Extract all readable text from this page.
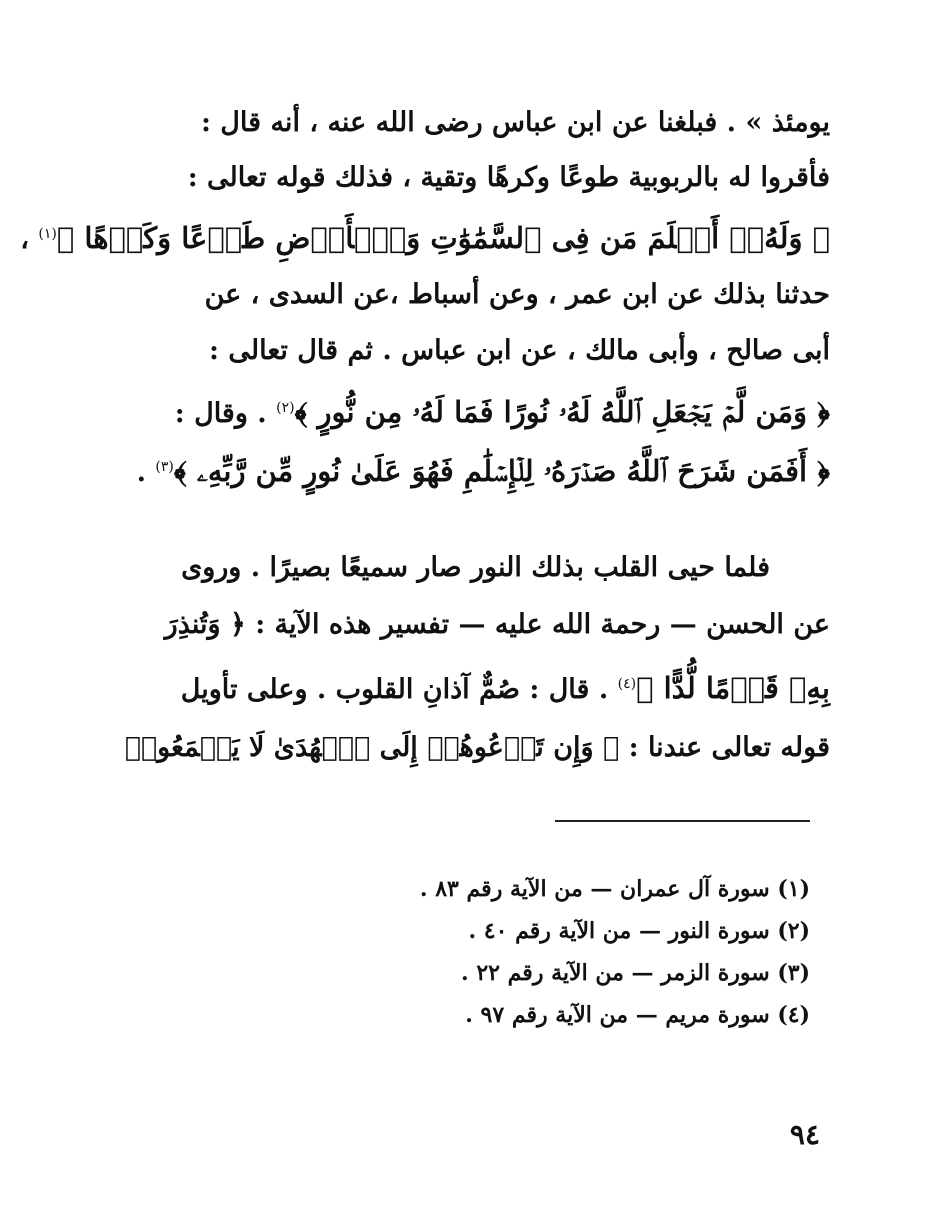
يومئذ » . فبلغنا عن ابن عباس رضى الله عنه ، أنه قال :
فأقروا له بالربوبية طوعًا وكرهًا وتقية ، فذلك قوله تعالى :
﴿ وَلَهُۥٓ أَسۡلَمَ مَن فِى ٱلسَّمَٰوَٰتِ وَٱلۡأَرۡضِ طَوۡعًا وَكَرۡهًا ﴾$^{(١)}$ ،
حدثنا بذلك عن ابن عمر ، وعن أسباط ،عن السدى ، عن
أبى صالح ، وأبى مالك ، عن ابن عباس . ثم قال تعالى :
﴿ وَمَن لَّمۡ يَجۡعَلِ ٱللَّهُ لَهُۥ نُورًا فَمَا لَهُۥ مِن نُّورٍ ﴾$^{(٢)}$ . وقال :
﴿ أَفَمَن شَرَحَ ٱللَّهُ صَدۡرَهُۥ لِلۡإِسۡلَٰمِ فَهُوَ عَلَىٰ نُورٍ مِّن رَّبِّهِۦ ﴾$^{(٣)}$ .
فلما حيى القلب بذلك النور صار سميعًا بصيرًا . وروى
عن الحسن — رحمة الله عليه — تفسير هذه الآية : ﴿ وَتُنذِرَ
بِهِۦ قَوۡمًا لُّدًّا ﴾$^{(٤)}$ . قال : صُمٌّ آذانِ القلوب . وعلى تأويل
قوله تعالى عندنا : ﴿ وَإِن تَدۡعُوهُمۡ إِلَى ٱلۡهُدَىٰ لَا يَسۡمَعُوا۟
(١) سورة آل عمران — من الآية رقم ٨٣ .
(٢) سورة النور — من الآية رقم ٤٠ .
(٣) سورة الزمر — من الآية رقم ٢٢ .
(٤) سورة مريم — من الآية رقم ٩٧ .
٩٤
